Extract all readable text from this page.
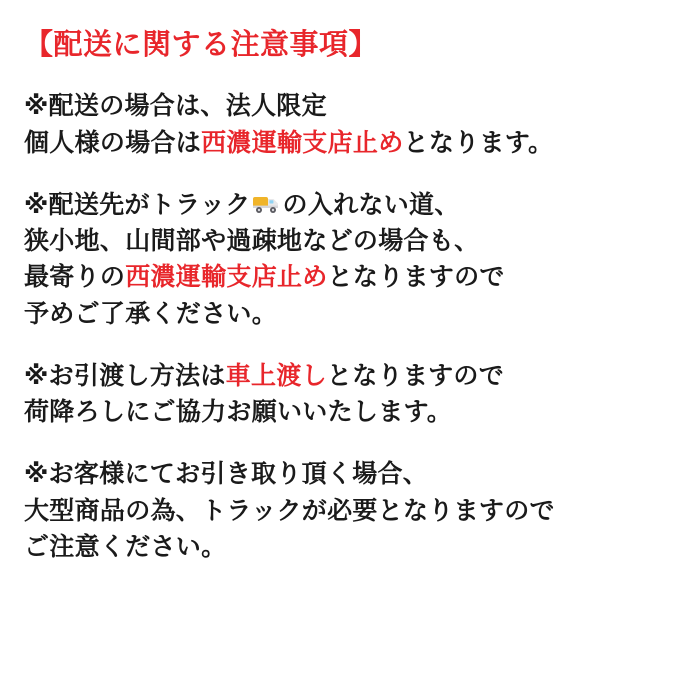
【配送に関する注意事項】
※配送の場合は、法人限定
個人様の場合は西濃運輸支店止めとなります。
※配送先がトラック の入れない道、
狭小地、山間部や過疎地などの場合も、
最寄りの西濃運輸支店止めとなりますので
予めご了承ください。
※お引渡し方法は車上渡しとなりますので
荷降ろしにご協力お願いいたします。
※お客様にてお引き取り頂く場合、
大型商品の為、トラックが必要となりますので
ご注意ください。
